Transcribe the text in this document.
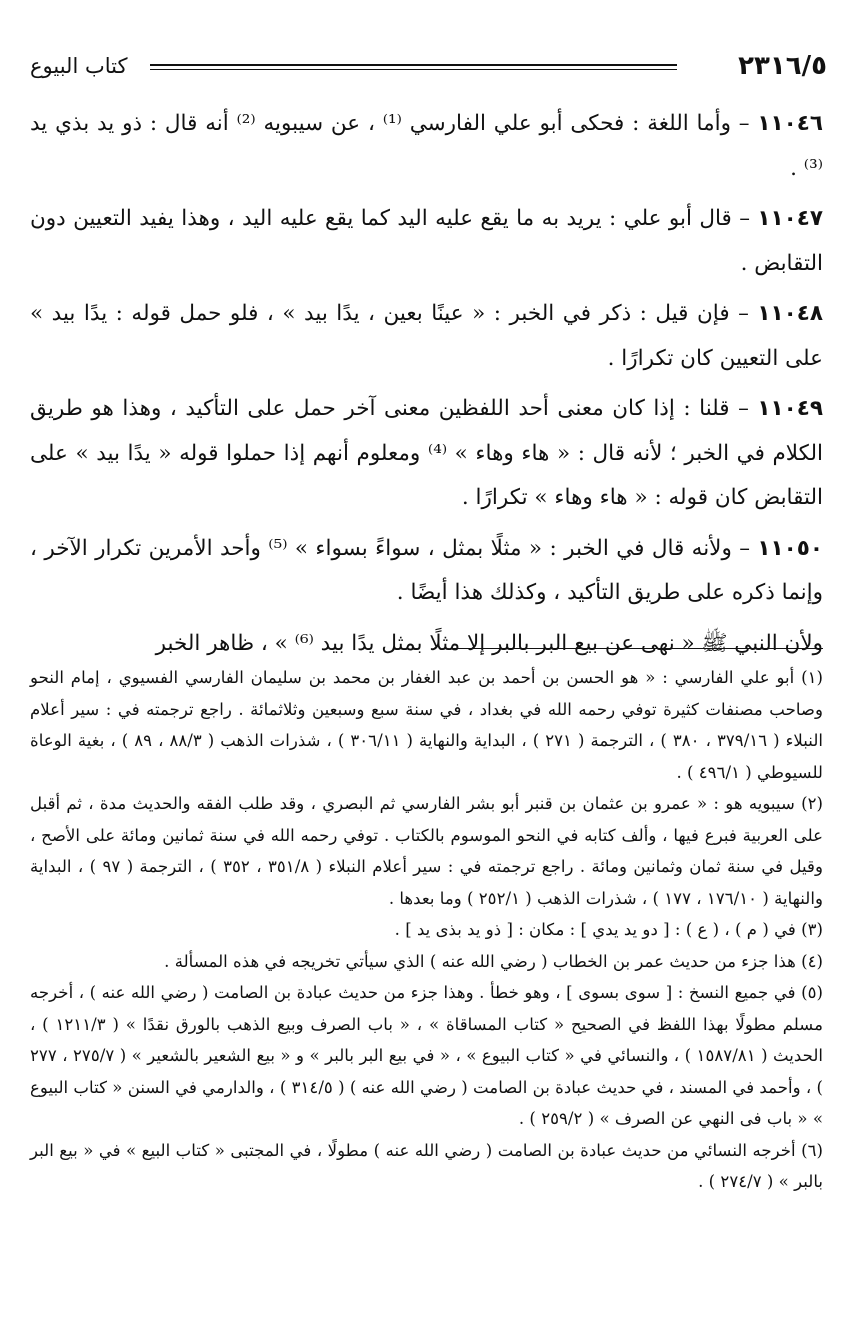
٢٣١٦/٥
كتاب البيوع

١١٠٤٦ – وأما اللغة : فحكى أبو علي الفارسي ⁽¹⁾ ، عن سيبويه ⁽²⁾ أنه قال : ذو يد بذي يد ⁽³⁾ .

١١٠٤٧ – قال أبو علي : يريد به ما يقع عليه اليد كما يقع عليه اليد ، وهذا يفيد التعيين دون التقابض .

١١٠٤٨ – فإن قيل : ذكر في الخبر : « عينًا بعين ، يدًا بيد » ، فلو حمل قوله : يدًا بيد » على التعيين كان تكرارًا .

١١٠٤٩ – قلنا : إذا كان معنى أحد اللفظين معنى آخر حمل على التأكيد ، وهذا هو طريق الكلام في الخبر ؛ لأنه قال : « هاء وهاء » ⁽⁴⁾ ومعلوم أنهم إذا حملوا قوله « يدًا بيد » على التقابض كان قوله : « هاء وهاء » تكرارًا .

١١٠٥٠ – ولأنه قال في الخبر : « مثلًا بمثل ، سواءً بسواء » ⁽⁵⁾ وأحد الأمرين تكرار الآخر ، وإنما ذكره على طريق التأكيد ، وكذلك هذا أيضًا .

ولأن النبي ﷺ « نهى عن بيع البر بالبر إلا مثلًا بمثل يدًا بيد ⁽⁶⁾ » ، ظاهر الخبر

(١) أبو علي الفارسي : « هو الحسن بن أحمد بن عبد الغفار بن محمد بن سليمان الفارسي الفسيوي ، إمام النحو وصاحب مصنفات كثيرة توفي رحمه الله في بغداد ، في سنة سبع وسبعين وثلاثمائة . راجع ترجمته في : سير أعلام النبلاء ( ٣٧٩/١٦ ، ٣٨٠ ) ، الترجمة ( ٢٧١ ) ، البداية والنهاية ( ٣٠٦/١١ ) ، شذرات الذهب ( ٨٨/٣ ، ٨٩ ) ، بغية الوعاة للسيوطي ( ٤٩٦/١ ) .

(٢) سيبويه هو : « عمرو بن عثمان بن قنبر أبو بشر الفارسي ثم البصري ، وقد طلب الفقه والحديث مدة ، ثم أقبل على العربية فبرع فيها ، وألف كتابه في النحو الموسوم بالكتاب . توفي رحمه الله في سنة ثمانين ومائة على الأصح ، وقيل في سنة ثمان وثمانين ومائة . راجع ترجمته في : سير أعلام النبلاء ( ٣٥١/٨ ، ٣٥٢ ) ، الترجمة ( ٩٧ ) ، البداية والنهاية ( ١٧٦/١٠ ، ١٧٧ ) ، شذرات الذهب ( ٢٥٢/١ ) وما بعدها .

(٣) في ( م ) ، ( ع ) : [ دو يد يدي ] : مكان : [ ذو يد بذى يد ] .

(٤) هذا جزء من حديث عمر بن الخطاب ( رضي الله عنه ) الذي سيأتي تخريجه في هذه المسألة .

(٥) في جميع النسخ : [ سوى بسوى ] ، وهو خطأ . وهذا جزء من حديث عبادة بن الصامت ( رضي الله عنه ) ، أخرجه مسلم مطولًا بهذا اللفظ في الصحيح « كتاب المساقاة » ، « باب الصرف وبيع الذهب بالورق نقدًا » ( ١٢١١/٣ ) ، الحديث ( ١٥٨٧/٨١ ) ، والنسائي في « كتاب البيوع » ، « في بيع البر بالبر » و « بيع الشعير بالشعير » ( ٢٧٥/٧ ، ٢٧٧ ) ، وأحمد في المسند ، في حديث عبادة بن الصامت ( رضي الله عنه ) ( ٣١٤/٥ ) ، والدارمي في السنن « كتاب البيوع » « باب فى النهي عن الصرف » ( ٢٥٩/٢ ) .

(٦) أخرجه النسائي من حديث عبادة بن الصامت ( رضي الله عنه ) مطولًا ، في المجتبى « كتاب البيع » في « بيع البر بالبر » ( ٢٧٤/٧ ) .
